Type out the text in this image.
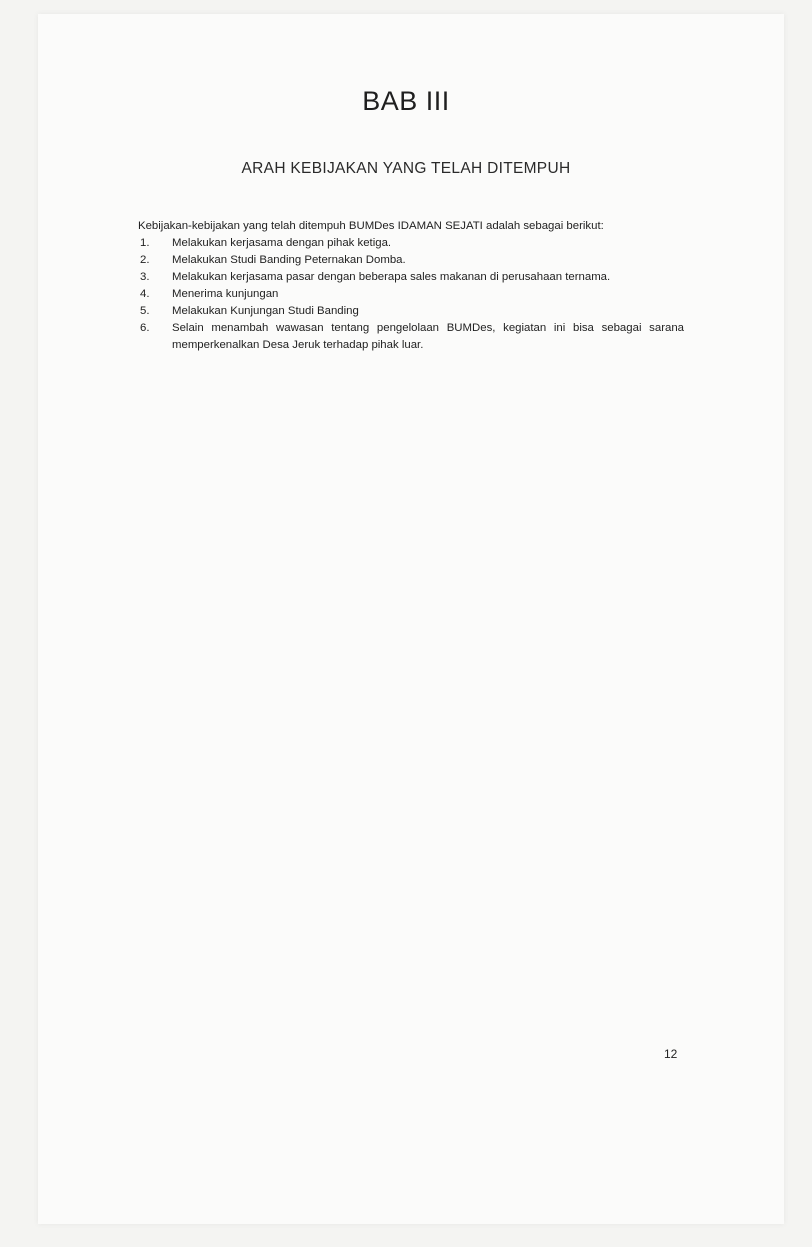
BAB III
ARAH KEBIJAKAN YANG TELAH DITEMPUH

Kebijakan-kebijakan yang telah ditempuh BUMDes IDAMAN SEJATI adalah sebagai berikut:

1.	Melakukan kerjasama dengan pihak ketiga.
2.	Melakukan Studi Banding Peternakan Domba.
3.	Melakukan kerjasama pasar dengan beberapa sales makanan di perusahaan ternama.
4.	Menerima kunjungan
5.	Melakukan Kunjungan Studi Banding
6.	Selain menambah wawasan tentang pengelolaan BUMDes, kegiatan ini bisa sebagai sarana memperkenalkan Desa Jeruk terhadap pihak luar.
12
